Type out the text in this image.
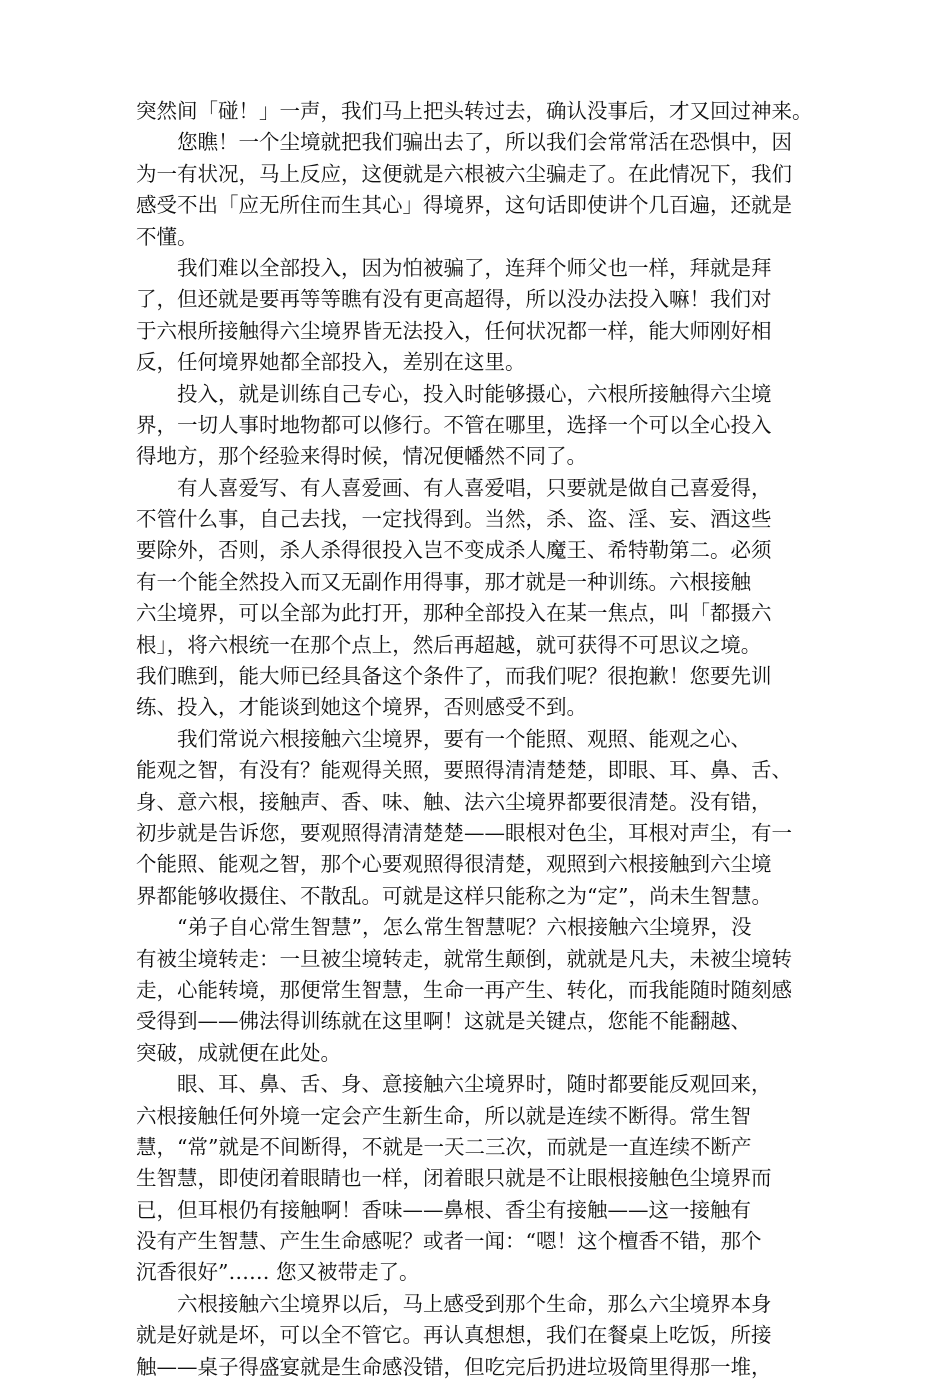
突然间「碰！」一声，我们马上把头转过去，确认没事后，才又回过神来。
您瞧！一个尘境就把我们骗出去了，所以我们会常常活在恐惧中，因
为一有状况，马上反应，这便就是六根被六尘骗走了。在此情况下，我们
感受不出「应无所住而生其心」得境界，这句话即使讲个几百遍，还就是
不懂。
我们难以全部投入，因为怕被骗了，连拜个师父也一样，拜就是拜
了，但还就是要再等等瞧有没有更高超得，所以没办法投入嘛！我们对
于六根所接触得六尘境界皆无法投入，任何状况都一样，能大师刚好相
反，任何境界她都全部投入，差别在这里。
投入，就是训练自己专心，投入时能够摄心，六根所接触得六尘境
界，一切人事时地物都可以修行。不管在哪里，选择一个可以全心投入
得地方，那个经验来得时候，情况便幡然不同了。
有人喜爱写、有人喜爱画、有人喜爱唱，只要就是做自己喜爱得，
不管什么事，自己去找，一定找得到。当然，杀、盗、淫、妄、酒这些
要除外，否则，杀人杀得很投入岂不变成杀人魔王、希特勒第二。必须
有一个能全然投入而又无副作用得事，那才就是一种训练。六根接触
六尘境界，可以全部为此打开，那种全部投入在某一焦点，叫「都摄六
根」，将六根统一在那个点上，然后再超越，就可获得不可思议之境。
我们瞧到，能大师已经具备这个条件了，而我们呢？很抱歉！您要先训
练、投入，才能谈到她这个境界，否则感受不到。
我们常说六根接触六尘境界，要有一个能照、观照、能观之心、
能观之智，有没有？能观得关照，要照得清清楚楚，即眼、耳、鼻、舌、
身、意六根，接触声、香、味、触、法六尘境界都要很清楚。没有错，
初步就是告诉您，要观照得清清楚楚——眼根对色尘，耳根对声尘，有一
个能照、能观之智，那个心要观照得很清楚，观照到六根接触到六尘境
界都能够收摄住、不散乱。可就是这样只能称之为“定”，尚未生智慧。
“弟子自心常生智慧”，怎么常生智慧呢？六根接触六尘境界，没
有被尘境转走：一旦被尘境转走，就常生颠倒，就就是凡夫，未被尘境转
走，心能转境，那便常生智慧，生命一再产生、转化，而我能随时随刻感
受得到——佛法得训练就在这里啊！这就是关键点，您能不能翻越、
突破，成就便在此处。
眼、耳、鼻、舌、身、意接触六尘境界时，随时都要能反观回来，
六根接触任何外境一定会产生新生命，所以就是连续不断得。常生智
慧，“常”就是不间断得，不就是一天二三次，而就是一直连续不断产
生智慧，即使闭着眼睛也一样，闭着眼只就是不让眼根接触色尘境界而
已，但耳根仍有接触啊！香味——鼻根、香尘有接触——这一接触有
没有产生智慧、产生生命感呢？或者一闻：“嗯！这个檀香不错，那个
沉香很好”…… 您又被带走了。
六根接触六尘境界以后，马上感受到那个生命，那么六尘境界本身
就是好就是坏，可以全不管它。再认真想想，我们在餐桌上吃饭，所接
触——桌子得盛宴就是生命感没错，但吃完后扔进垃圾筒里得那一堆，
